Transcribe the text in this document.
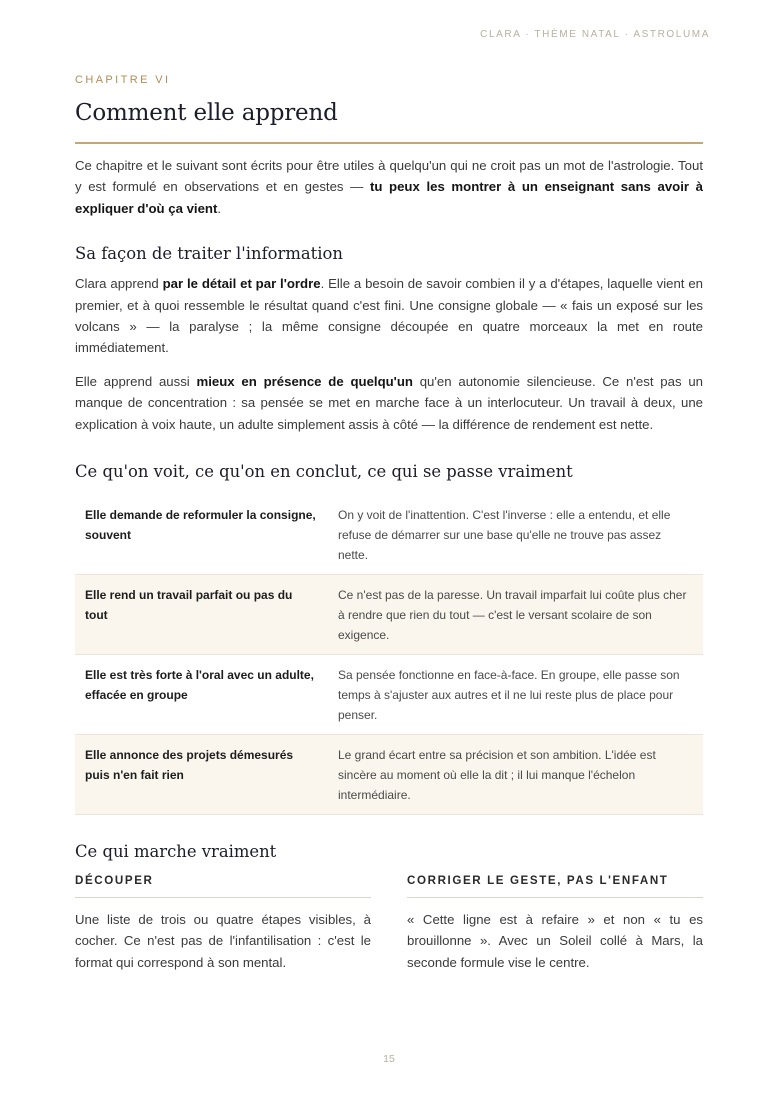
CLARA · THÈME NATAL · ASTROLUMA
CHAPITRE VI
Comment elle apprend

Ce chapitre et le suivant sont écrits pour être utiles à quelqu'un qui ne croit pas un mot de l'astrologie. Tout y est formulé en observations et en gestes — tu peux les montrer à un enseignant sans avoir à expliquer d'où ça vient.

Sa façon de traiter l'information

Clara apprend par le détail et par l'ordre. Elle a besoin de savoir combien il y a d'étapes, laquelle vient en premier, et à quoi ressemble le résultat quand c'est fini. Une consigne globale — « fais un exposé sur les volcans » — la paralyse ; la même consigne découpée en quatre morceaux la met en route immédiatement.

Elle apprend aussi mieux en présence de quelqu'un qu'en autonomie silencieuse. Ce n'est pas un manque de concentration : sa pensée se met en marche face à un interlocuteur. Un travail à deux, une explication à voix haute, un adulte simplement assis à côté — la différence de rendement est nette.

Ce qu'on voit, ce qu'on en conclut, ce qui se passe vraiment
Elle demande de reformuler la consigne, souvent	On y voit de l'inattention. C'est l'inverse : elle a entendu, et elle refuse de démarrer sur une base qu'elle ne trouve pas assez nette.
Elle rend un travail parfait ou pas du tout	Ce n'est pas de la paresse. Un travail imparfait lui coûte plus cher à rendre que rien du tout — c'est le versant scolaire de son exigence.
Elle est très forte à l'oral avec un adulte, effacée en groupe	Sa pensée fonctionne en face-à-face. En groupe, elle passe son temps à s'ajuster aux autres et il ne lui reste plus de place pour penser.
Elle annonce des projets démesurés puis n'en fait rien	Le grand écart entre sa précision et son ambition. L'idée est sincère au moment où elle la dit ; il lui manque l'échelon intermédiaire.
Ce qui marche vraiment
DÉCOUPER

Une liste de trois ou quatre étapes visibles, à cocher. Ce n'est pas de l'infantilisation : c'est le format qui correspond à son mental.

CORRIGER LE GESTE, PAS L'ENFANT

« Cette ligne est à refaire » et non « tu es brouillonne ». Avec un Soleil collé à Mars, la seconde formule vise le centre.

15
